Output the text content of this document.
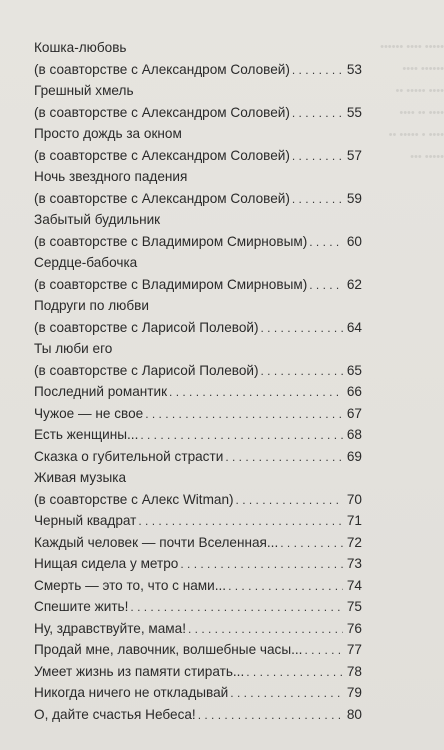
••••• •••• ••••••
•••••• ••••
•••• ••••• ••
•••• •• ••••
•••• • ••••• ••
••••• •••
Кошка-любовь
(в соавторстве с Александром Соловей) . . .	53
Грешный хмель
(в соавторстве с Александром Соловей) . . .	55
Просто дождь за окном
(в соавторстве с Александром Соловей) . . .	57
Ночь звездного падения
(в соавторстве с Александром Соловей) . . .	59
Забытый будильник
(в соавторстве с Владимиром Смирновым) . . .	60
Сердце-бабочка
(в соавторстве с Владимиром Смирновым) . . .	62
Подруги по любви
(в соавторстве с Ларисой Полевой) . . .	64
Ты люби его
(в соавторстве с Ларисой Полевой) . . .	65
Последний романтик . . .	66
Чужое — не свое . . .	67
Есть женщины... . . .	68
Сказка о губительной страсти . . .	69
Живая музыка
(в соавторстве с Алекс Witman) . . .	70
Черный квадрат . . .	71
Каждый человек — почти Вселенная... . . .	72
Нищая сидела у метро . . .	73
Смерть — это то, что с нами... . . .	74
Спешите жить! . . .	75
Ну, здравствуйте, мама! . . .	76
Продай мне, лавочник, волшебные часы... . . .	77
Умеет жизнь из памяти стирать... . . .	78
Никогда ничего не откладывай . . .	79
О, дайте счастья Небеса! . . .	80
